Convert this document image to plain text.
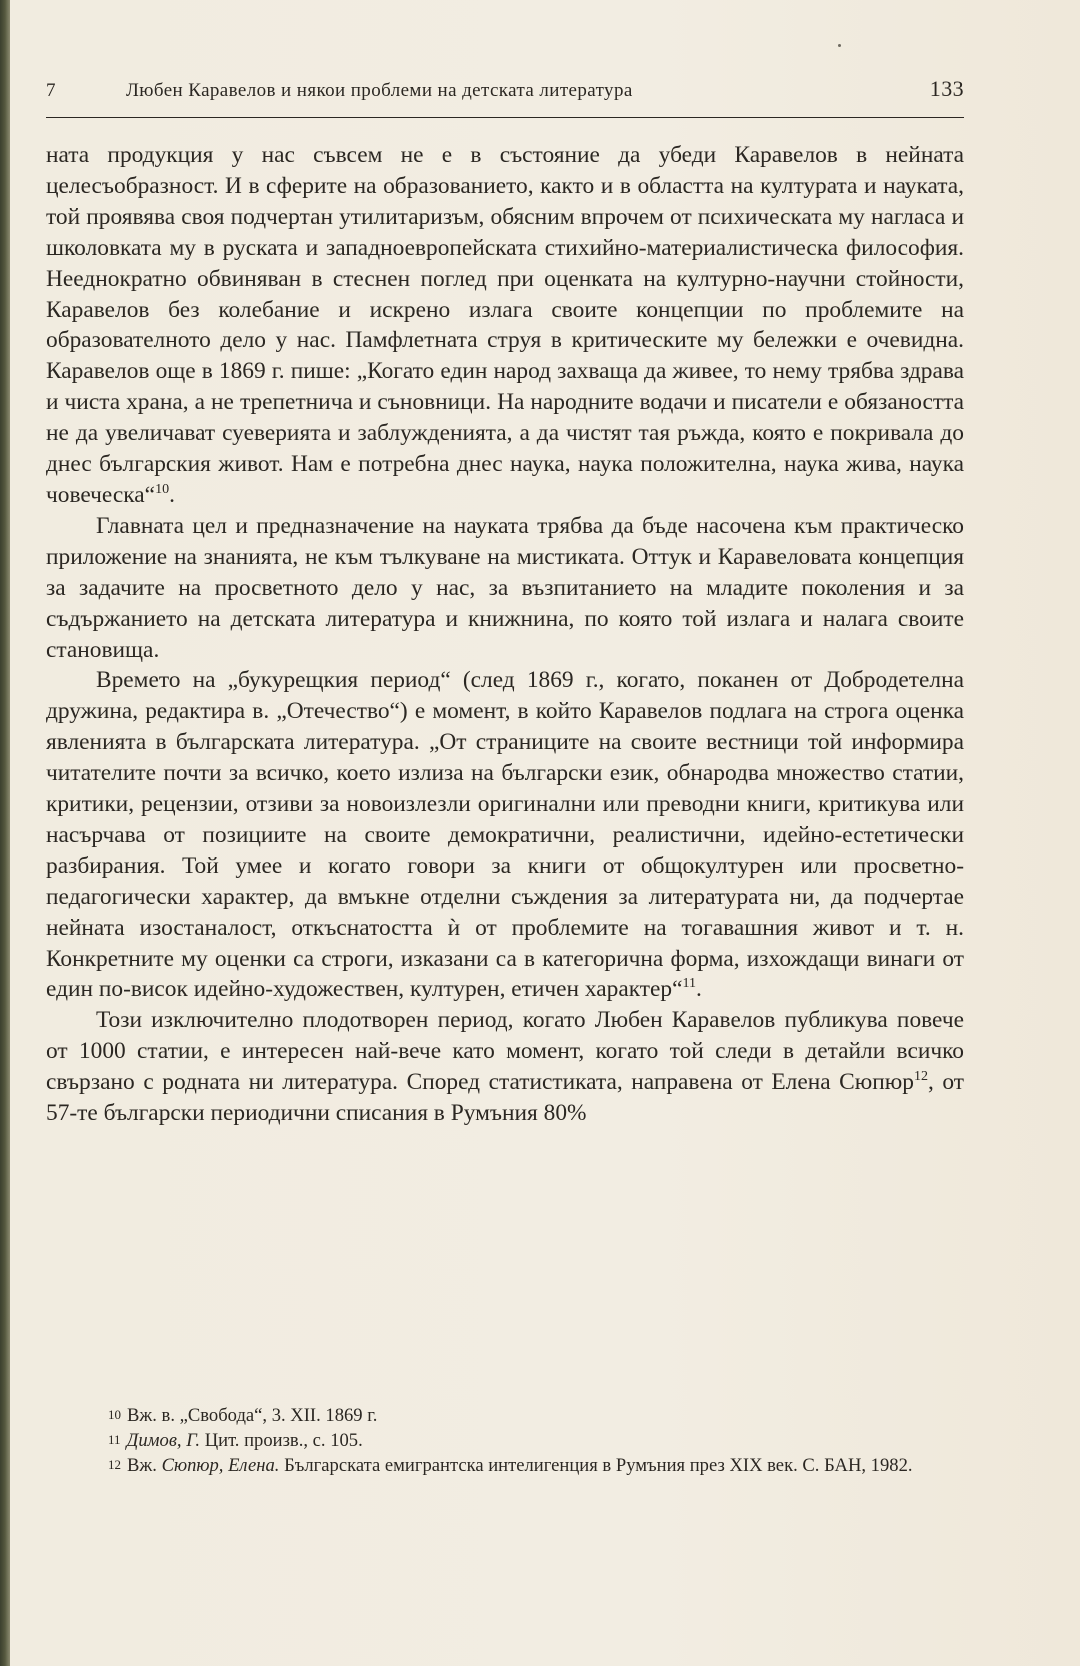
7	Любен Каравелов и някои проблеми на детската литература	133

ната продукция у нас съвсем не е в състояние да убеди Каравелов в нейната целесъобразност. И в сферите на образованието, както и в областта на културата и науката, той проявява своя подчертан утилитаризъм, обясним впрочем от психическата му нагласа и школовката му в руската и западноевропейската стихийно-материалистическа философия. Нееднократно обвиняван в стеснен поглед при оценката на културно-научни стойности, Каравелов без колебание и искрено излага своите концепции по проблемите на образователното дело у нас. Памфлетната струя в критическите му бележки е очевидна. Каравелов още в 1869 г. пише: „Когато един народ захваща да живее, то нему трябва здрава и чиста храна, а не трепетнича и съновници. На народните водачи и писатели е обязаността не да увеличават суеверията и заблужденията, а да чистят тая ръжда, която е покривала до днес българския живот. Нам е потребна днес наука, наука положителна, наука жива, наука човеческа“$^{10}$.

Главната цел и предназначение на науката трябва да бъде насочена към практическо приложение на знанията, не към тълкуване на мистиката. Оттук и Каравеловата концепция за задачите на просветното дело у нас, за възпитанието на младите поколения и за съдържанието на детската литература и книжнина, по която той излага и налага своите становища.

Времето на „букурещкия период“ (след 1869 г., когато, поканен от Добродетелна дружина, редактира в. „Отечество“) е момент, в който Каравелов подлага на строга оценка явленията в българската литература. „От страниците на своите вестници той информира читателите почти за всичко, което излиза на български език, обнародва множество статии, критики, рецензии, отзиви за новоизлезли оригинални или преводни книги, критикува или насърчава от позициите на своите демократични, реалистични, идейно-естетически разбирания. Той умее и когато говори за книги от общокултурен или просветно-педагогически характер, да вмъкне отделни съждения за литературата ни, да подчертае нейната изостаналост, откъснатостта ѝ от проблемите на тогавашния живот и т. н. Конкретните му оценки са строги, изказани са в категорична форма, изхождащи винаги от един по-висок идейно-художествен, културен, етичен характер“$^{11}$.

Този изключително плодотворен период, когато Любен Каравелов публикува повече от 1000 статии, е интересен най-вече като момент, когато той следи в детайли всичко свързано с родната ни литература. Според статистиката, направена от Елена Сюпюр$^{12}$, от 57-те български периодични списания в Румъния 80%

10 Вж. в. „Свобода“, 3. XII. 1869 г.

11 Димов, Г. Цит. произв., с. 105.

12 Вж. Сюпюр, Елена. Българската емигрантска интелигенция в Румъния през XIX век. С. БАН, 1982.
